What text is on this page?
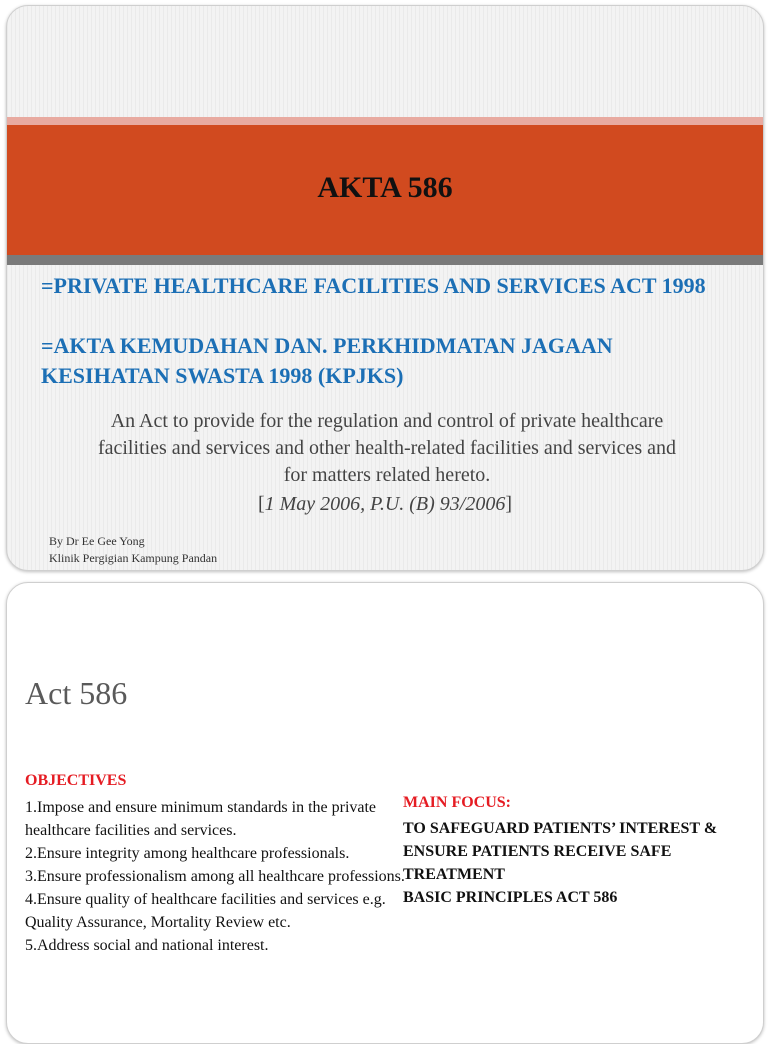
AKTA 586

=PRIVATE HEALTHCARE FACILITIES AND SERVICES ACT 1998

=AKTA KEMUDAHAN DAN. PERKHIDMATAN JAGAAN KESIHATAN SWASTA 1998 (KPJKS)

An Act to provide for the regulation and control of private healthcare facilities and services and other health-related facilities and services and for matters related hereto.

[1 May 2006, P.U. (B) 93/2006]

By Dr Ee Gee Yong
Klinik Pergigian Kampung Pandan
Act 586

OBJECTIVES

1.Impose and ensure minimum standards in the private healthcare facilities and services.
2.Ensure integrity among healthcare professionals.
3.Ensure professionalism among all healthcare professions.
4.Ensure quality of healthcare facilities and services e.g. Quality Assurance, Mortality Review etc.
5.Address social and national interest.

MAIN FOCUS:

TO SAFEGUARD PATIENTS’ INTEREST & ENSURE PATIENTS RECEIVE SAFE TREATMENT
BASIC PRINCIPLES ACT 586
